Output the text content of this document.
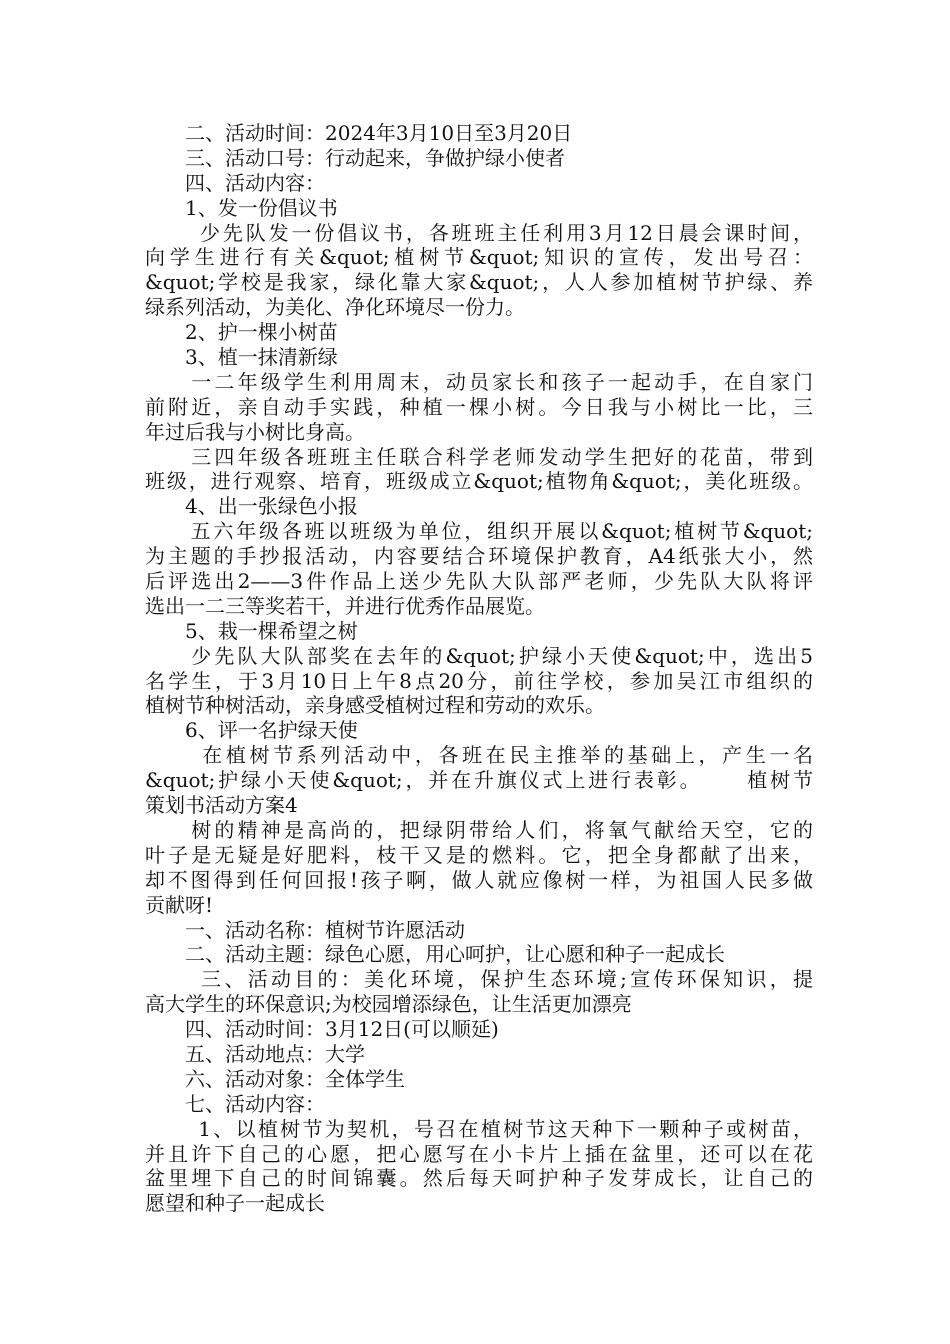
　　二、活动时间：2024年3月10日至3月20日
　　三、活动口号：行动起来，争做护绿小使者
　　四、活动内容：
　　1、发一份倡议书
　　 少先队发一份倡议书，各班班主任利用3月12日晨会课时间，
向学生进行有关&quot;植树节&quot;知识的宣传，发出号召：
&quot;学校是我家，绿化靠大家&quot;，人人参加植树节护绿、养
绿系列活动，为美化、净化环境尽一份力。
　　2、护一棵小树苗
　　3、植一抹清新绿
　　一二年级学生利用周末，动员家长和孩子一起动手，在自家门
前附近，亲自动手实践，种植一棵小树。今日我与小树比一比，三
年过后我与小树比身高。
　　三四年级各班班主任联合科学老师发动学生把好的花苗，带到
班级，进行观察、培育，班级成立&quot;植物角&quot;，美化班级。
　　4、出一张绿色小报
　　五六年级各班以班级为单位，组织开展以&quot;植树节&quot;
为主题的手抄报活动，内容要结合环境保护教育，A4纸张大小，然
后评选出2——3件作品上送少先队大队部严老师，少先队大队将评
选出一二三等奖若干，并进行优秀作品展览。
　　5、栽一棵希望之树
　　少先队大队部奖在去年的&quot;护绿小天使&quot;中，选出5
名学生，于3月10日上午8点20分，前往学校，参加吴江市组织的
植树节种树活动，亲身感受植树过程和劳动的欢乐。
　　6、评一名护绿天使
　　 在植树节系列活动中，各班在民主推举的基础上，产生一名
&quot;护绿小天使&quot;，并在升旗仪式上进行表彰。　　 植树节
策划书活动方案4
　　树的精神是高尚的，把绿阴带给人们，将氧气献给天空，它的
叶子是无疑是好肥料，枝干又是的燃料。它，把全身都献了出来，
却不图得到任何回报!孩子啊，做人就应像树一样，为祖国人民多做
贡献呀!
　　一、活动名称：植树节许愿活动
　　二、活动主题：绿色心愿，用心呵护，让心愿和种子一起成长
　　 三、活动目的：美化环境，保护生态环境;宣传环保知识，提
高大学生的环保意识;为校园增添绿色，让生活更加漂亮
　　四、活动时间：3月12日(可以顺延)
　　五、活动地点：大学
　　六、活动对象：全体学生
　　七、活动内容：
　　 1、以植树节为契机，号召在植树节这天种下一颗种子或树苗，
并且许下自己的心愿，把心愿写在小卡片上插在盆里，还可以在花
盆里埋下自己的时间锦囊。然后每天呵护种子发芽成长，让自己的
愿望和种子一起成长
